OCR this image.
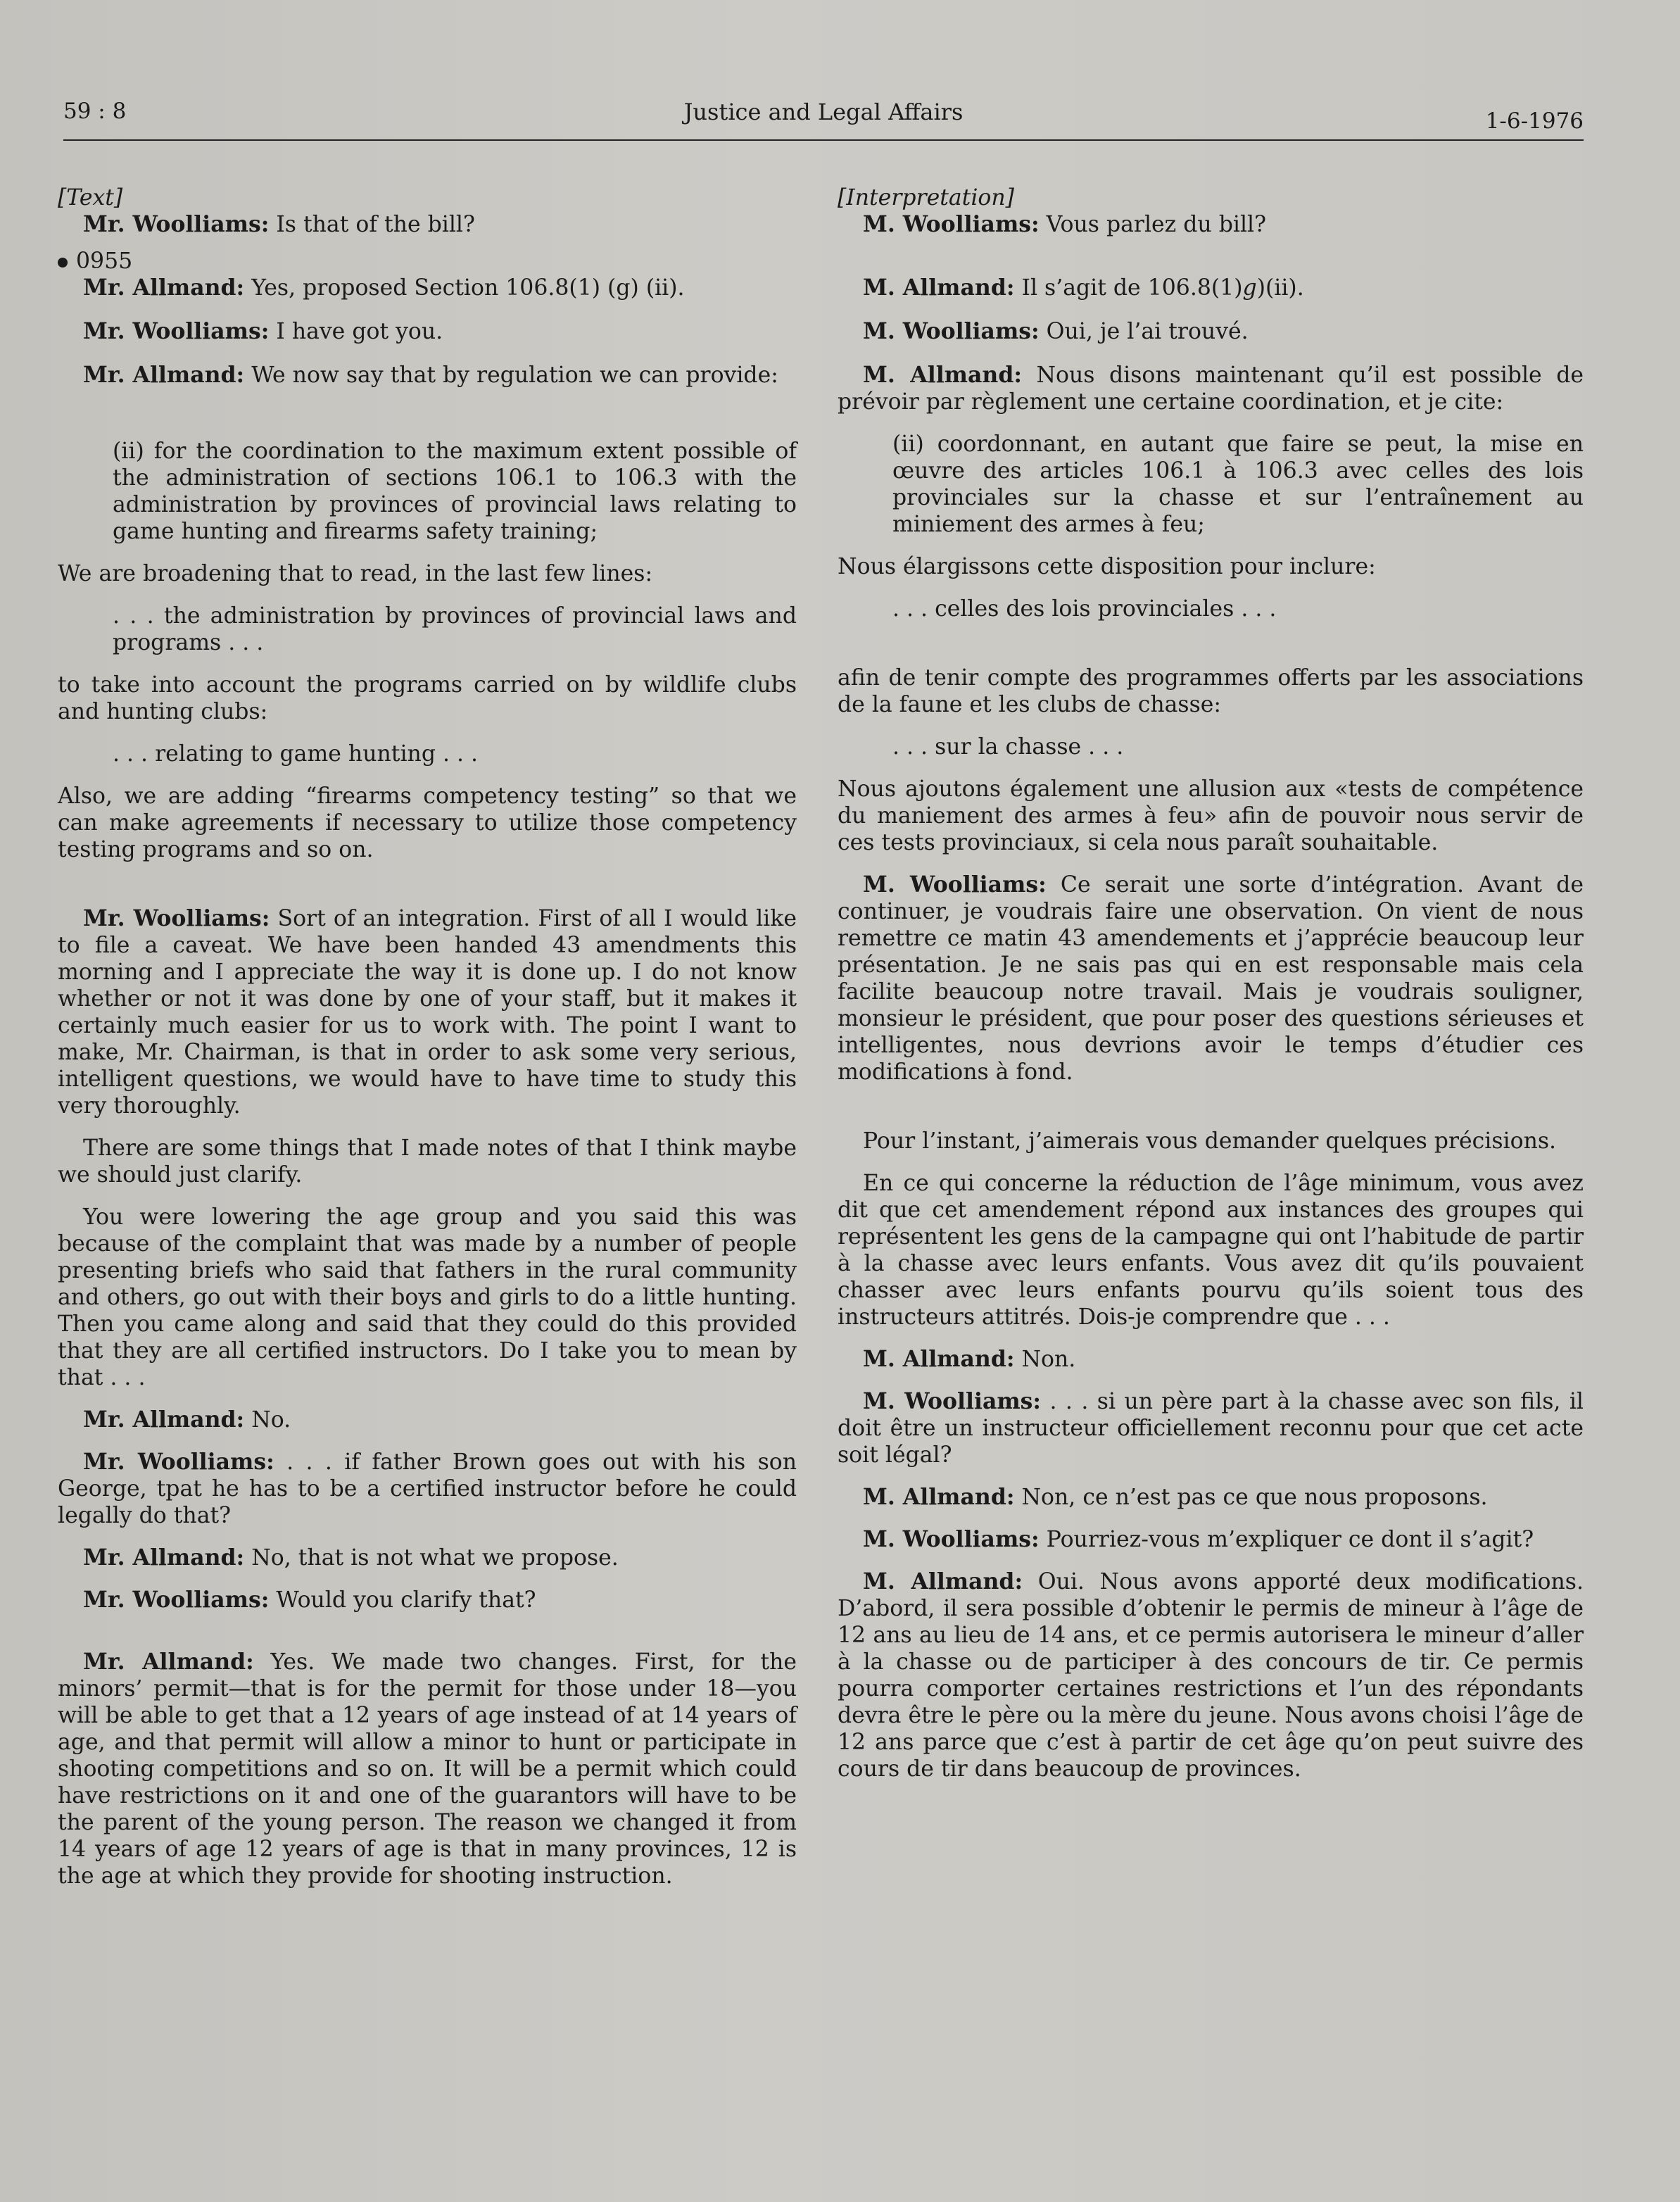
59 : 8	Justice and Legal Affairs	1-6-1976

[Text]

Mr. Woolliams: Is that of the bill?

0955

Mr. Allmand: Yes, proposed Section 106.8(1) (g) (ii).

Mr. Woolliams: I have got you.

Mr. Allmand: We now say that by regulation we can provide:

(ii) for the coordination to the maximum extent possible of the administration of sections 106.1 to 106.3 with the administration by provinces of provincial laws relating to game hunting and firearms safety training;

We are broadening that to read, in the last few lines:

. . . the administration by provinces of provincial laws and programs . . .

to take into account the programs carried on by wildlife clubs and hunting clubs:

. . . relating to game hunting . . .

Also, we are adding “firearms competency testing” so that we can make agreements if necessary to utilize those competency testing programs and so on.

Mr. Woolliams: Sort of an integration. First of all I would like to file a caveat. We have been handed 43 amendments this morning and I appreciate the way it is done up. I do not know whether or not it was done by one of your staff, but it makes it certainly much easier for us to work with. The point I want to make, Mr. Chairman, is that in order to ask some very serious, intelligent questions, we would have to have time to study this very thoroughly.

There are some things that I made notes of that I think maybe we should just clarify.

You were lowering the age group and you said this was because of the complaint that was made by a number of people presenting briefs who said that fathers in the rural community and others, go out with their boys and girls to do a little hunting. Then you came along and said that they could do this provided that they are all certified instructors. Do I take you to mean by that . . .

Mr. Allmand: No.

Mr. Woolliams: . . . if father Brown goes out with his son George, tpat he has to be a certified instructor before he could legally do that?

Mr. Allmand: No, that is not what we propose.

Mr. Woolliams: Would you clarify that?

Mr. Allmand: Yes. We made two changes. First, for the minors’ permit—that is for the permit for those under 18—you will be able to get that a 12 years of age instead of at 14 years of age, and that permit will allow a minor to hunt or participate in shooting competitions and so on. It will be a permit which could have restrictions on it and one of the guarantors will have to be the parent of the young person. The reason we changed it from 14 years of age 12 years of age is that in many provinces, 12 is the age at which they provide for shooting instruction.

[Interpretation]

M. Woolliams: Vous parlez du bill?

M. Allmand: Il s’agit de 106.8(1)g)(ii).

M. Woolliams: Oui, je l’ai trouvé.

M. Allmand: Nous disons maintenant qu’il est possible de prévoir par règlement une certaine coordination, et je cite:

(ii) coordonnant, en autant que faire se peut, la mise en œuvre des articles 106.1 à 106.3 avec celles des lois provinciales sur la chasse et sur l’entraînement au miniement des armes à feu;

Nous élargissons cette disposition pour inclure:

. . . celles des lois provinciales . . .

afin de tenir compte des programmes offerts par les associations de la faune et les clubs de chasse:

. . . sur la chasse . . .

Nous ajoutons également une allusion aux «tests de compétence du maniement des armes à feu» afin de pouvoir nous servir de ces tests provinciaux, si cela nous paraît souhaitable.

M. Woolliams: Ce serait une sorte d’intégration. Avant de continuer, je voudrais faire une observation. On vient de nous remettre ce matin 43 amendements et j’apprécie beaucoup leur présentation. Je ne sais pas qui en est responsable mais cela facilite beaucoup notre travail. Mais je voudrais souligner, monsieur le président, que pour poser des questions sérieuses et intelligentes, nous devrions avoir le temps d’étudier ces modifications à fond.

Pour l’instant, j’aimerais vous demander quelques précisions.

En ce qui concerne la réduction de l’âge minimum, vous avez dit que cet amendement répond aux instances des groupes qui représentent les gens de la campagne qui ont l’habitude de partir à la chasse avec leurs enfants. Vous avez dit qu’ils pouvaient chasser avec leurs enfants pourvu qu’ils soient tous des instructeurs attitrés. Dois-je comprendre que . . .

M. Allmand: Non.

M. Woolliams: . . . si un père part à la chasse avec son fils, il doit être un instructeur officiellement reconnu pour que cet acte soit légal?

M. Allmand: Non, ce n’est pas ce que nous proposons.

M. Woolliams: Pourriez-vous m’expliquer ce dont il s’agit?

M. Allmand: Oui. Nous avons apporté deux modifications. D’abord, il sera possible d’obtenir le permis de mineur à l’âge de 12 ans au lieu de 14 ans, et ce permis autorisera le mineur d’aller à la chasse ou de participer à des concours de tir. Ce permis pourra comporter certaines restrictions et l’un des répondants devra être le père ou la mère du jeune. Nous avons choisi l’âge de 12 ans parce que c’est à partir de cet âge qu’on peut suivre des cours de tir dans beaucoup de provinces.
